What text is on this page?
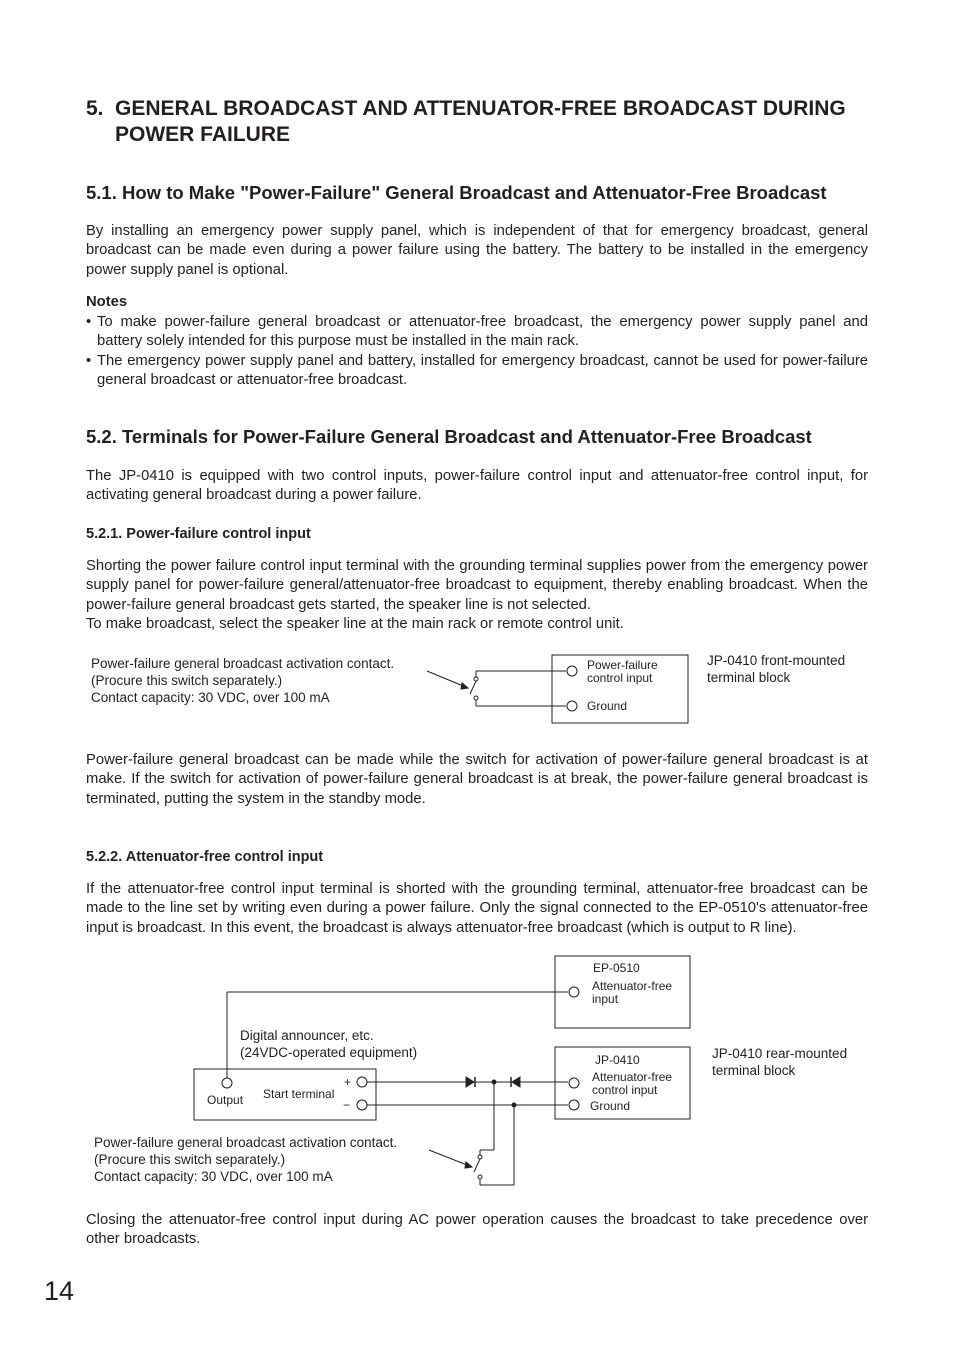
5. GENERAL BROADCAST AND ATTENUATOR-FREE BROADCAST DURING POWER FAILURE
5.1. How to Make "Power-Failure" General Broadcast and Attenuator-Free Broadcast
By installing an emergency power supply panel, which is independent of that for emergency broadcast, general broadcast can be made even during a power failure using the battery. The battery to be installed in the emergency power supply panel is optional.
Notes
• To make power-failure general broadcast or attenuator-free broadcast, the emergency power supply panel and battery solely intended for this purpose must be installed in the main rack.
• The emergency power supply panel and battery, installed for emergency broadcast, cannot be used for power-failure general broadcast or attenuator-free broadcast.
5.2. Terminals for Power-Failure General Broadcast and Attenuator-Free Broadcast
The JP-0410 is equipped with two control inputs, power-failure control input and attenuator-free control input, for activating general broadcast during a power failure.
5.2.1. Power-failure control input
Shorting the power failure control input terminal with the grounding terminal supplies power from the emergency power supply panel for power-failure general/attenuator-free broadcast to equipment, thereby enabling broadcast. When the power-failure general broadcast gets started, the speaker line is not selected.
To make broadcast, select the speaker line at the main rack or remote control unit.
Power-failure general broadcast activation contact.
(Procure this switch separately.)
Contact capacity: 30 VDC, over 100 mA
JP-0410 front-mounted
terminal block
Power-failure
control input
Ground
EP-0510
Attenuator-free
input
Digital announcer, etc.
(24VDC-operated equipment)
Output Start terminal
+
−
JP-0410
Attenuator-free
control input
Ground
JP-0410 rear-mounted
terminal block
Power-failure general broadcast activation contact.
(Procure this switch separately.)
Contact capacity: 30 VDC, over 100 mA
Power-failure general broadcast can be made while the switch for activation of power-failure general broadcast is at make. If the switch for activation of power-failure general broadcast is at break, the power-failure general broadcast is terminated, putting the system in the standby mode.
5.2.2. Attenuator-free control input
If the attenuator-free control input terminal is shorted with the grounding terminal, attenuator-free broadcast can be made to the line set by writing even during a power failure. Only the signal connected to the EP-0510's attenuator-free input is broadcast. In this event, the broadcast is always attenuator-free broadcast (which is output to R line).
Closing the attenuator-free control input during AC power operation causes the broadcast to take precedence over other broadcasts.
14
